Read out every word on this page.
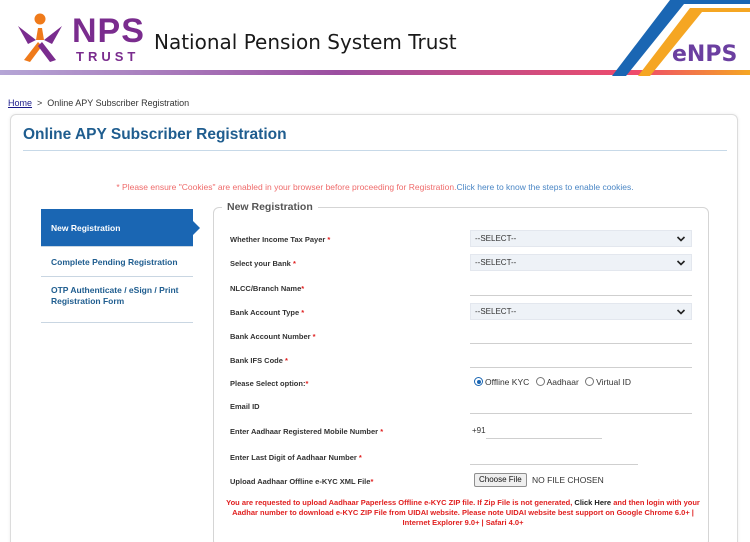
NPS
TRUST
National Pension System Trust	eNPS
Home > Online APY Subscriber Registration
Online APY Subscriber Registration
* Please ensure "Cookies" are enabled in your browser before proceeding for Registration.Click here to know the steps to enable cookies.
New Registration
Complete Pending Registration
OTP Authenticate / eSign / Print Registration Form
New Registration
Whether Income Tax Payer *	--SELECT--
Select your Bank *	--SELECT--
NLCC/Branch Name*
Bank Account Type *	--SELECT--
Bank Account Number *
Bank IFS Code *
Please Select option:*	Offline KYC Aadhaar Virtual ID
Email ID
Enter Aadhaar Registered Mobile Number *	+91
Enter Last Digit of Aadhaar Number *
Upload Aadhaar Offline e-KYC XML File*	Choose File	NO FILE CHOSEN
You are requested to upload Aadhaar Paperless Offline e-KYC ZIP file. If Zip File is not generated, Click Here and then login with your Aadhar number to download e-KYC ZIP File from UIDAI website. Please note UIDAI website best support on Google Chrome 6.0+ | Internet Explorer 9.0+ | Safari 4.0+
